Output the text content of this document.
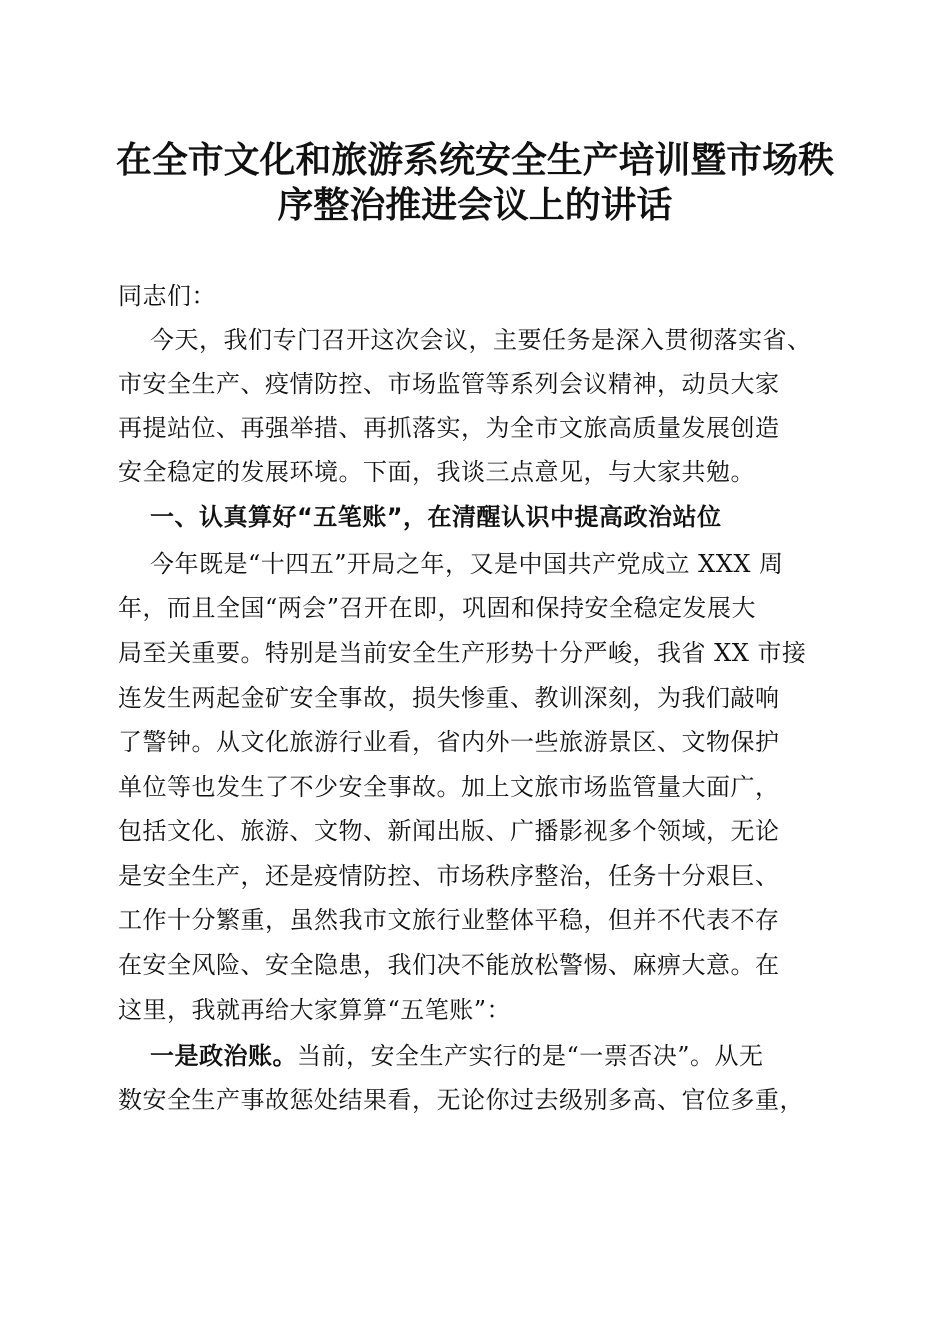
在全市文化和旅游系统安全生产培训暨市场秩
序整治推进会议上的讲话
同志们：
今天，我们专门召开这次会议，主要任务是深入贯彻落实省、
市安全生产、疫情防控、市场监管等系列会议精神，动员大家
再提站位、再强举措、再抓落实，为全市文旅高质量发展创造
安全稳定的发展环境。下面，我谈三点意见，与大家共勉。
一、认真算好“五笔账”，在清醒认识中提高政治站位
今年既是“十四五”开局之年，又是中国共产党成立 XXX 周
年，而且全国“两会”召开在即，巩固和保持安全稳定发展大
局至关重要。特别是当前安全生产形势十分严峻，我省 XX 市接
连发生两起金矿安全事故，损失惨重、教训深刻，为我们敲响
了警钟。从文化旅游行业看，省内外一些旅游景区、文物保护
单位等也发生了不少安全事故。加上文旅市场监管量大面广，
包括文化、旅游、文物、新闻出版、广播影视多个领域，无论
是安全生产，还是疫情防控、市场秩序整治，任务十分艰巨、
工作十分繁重，虽然我市文旅行业整体平稳，但并不代表不存
在安全风险、安全隐患，我们决不能放松警惕、麻痹大意。在
这里，我就再给大家算算“五笔账”：
一是政治账。当前，安全生产实行的是“一票否决”。从无
数安全生产事故惩处结果看，无论你过去级别多高、官位多重，
